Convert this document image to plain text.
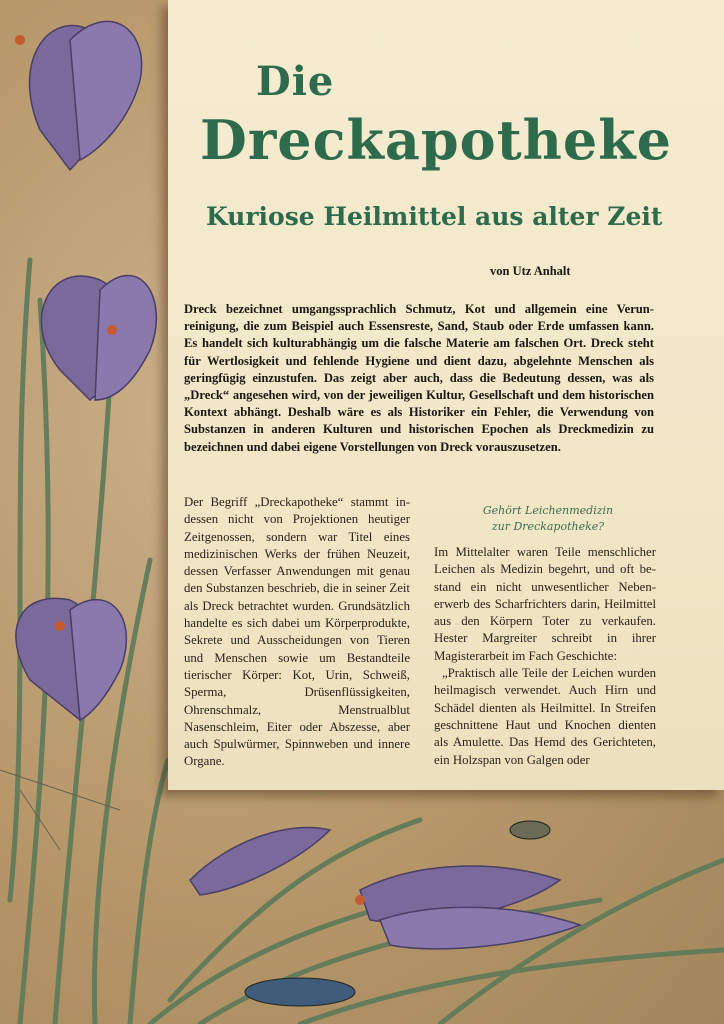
Die
Dreckapotheke
Kuriose Heilmittel aus alter Zeit
von Utz Anhalt
Dreck bezeichnet umgangssprachlich Schmutz, Kot und allgemein eine Verunreinigung, die zum Beispiel auch Essensreste, Sand, Staub oder Erde umfassen kann. Es handelt sich kulturabhängig um die falsche Materie am falschen Ort. Dreck steht für Wertlosigkeit und fehlende Hygiene und dient dazu, abgelehnte Menschen als geringfügig einzustufen. Das zeigt aber auch, dass die Bedeutung dessen, was als „Dreck“ angesehen wird, von der jeweiligen Kultur, Gesellschaft und dem historischen Kontext abhängt. Deshalb wäre es als Historiker ein Fehler, die Verwendung von Substanzen in anderen Kulturen und historischen Epochen als Dreckmedizin zu bezeichnen und dabei eigene Vorstellungen von Dreck vorauszusetzen.

Der Begriff „Dreckapotheke“ stammt indessen nicht von Projektionen heutiger Zeitgenossen, sondern war Titel eines medizinischen Werks der frühen Neuzeit, dessen Verfasser Anwendungen mit genau den Substanzen beschrieb, die in seiner Zeit als Dreck betrachtet wurden. Grundsätzlich handelte es sich dabei um Körperprodukte, Sekrete und Ausscheidungen von Tieren und Menschen sowie um Bestandteile tierischer Körper: Kot, Urin, Schweiß, Sperma, Drüsenflüssigkeiten, Ohrenschmalz, Menstrualblut Nasenschleim, Eiter oder Abszesse, aber auch Spulwürmer, Spinnweben und innere Organe.

Gehört Leichenmedizin
zur Dreckapotheke?

Im Mittelalter waren Teile menschlicher Leichen als Medizin begehrt, und oft bestand ein nicht unwesentlicher Nebenerwerb des Scharfrichters darin, Heilmittel aus den Körpern Toter zu verkaufen. Hester Margreiter schreibt in ihrer Magisterarbeit im Fach Geschichte:

„Praktisch alle Teile der Leichen wurden heilmagisch verwendet. Auch Hirn und Schädel dienten als Heilmittel. In Streifen geschnittene Haut und Knochen dienten als Amulette. Das Hemd des Gerichteten, ein Holzspan von Galgen oder
